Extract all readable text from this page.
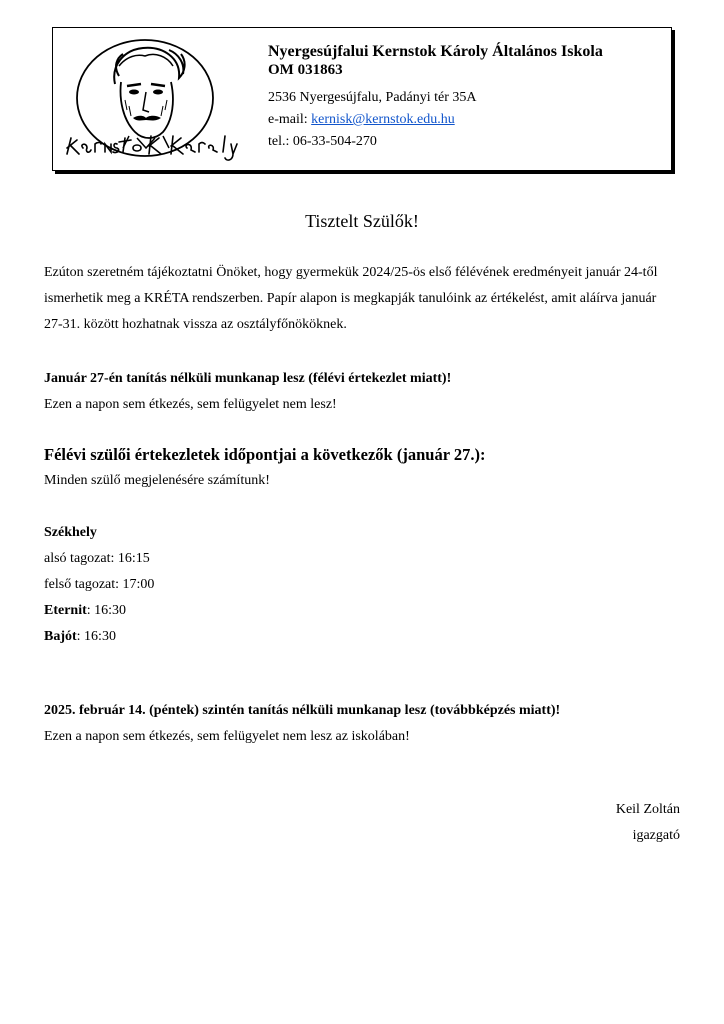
Nyergesújfalui Kernstok Károly Általános Iskola
OM 031863
2536 Nyergesújfalu, Padányi tér 35A
e-mail: kernisk@kernstok.edu.hu
tel.: 06-33-504-270
Tisztelt Szülők!
Ezúton szeretném tájékoztatni Önöket, hogy gyermekük 2024/25-ös első félévének eredményeit január 24-től
ismerhetik meg a KRÉTA rendszerben. Papír alapon is megkapják tanulóink az értékelést, amit aláírva január
27-31. között hozhatnak vissza az osztályfőnököknek.
Január 27-én tanítás nélküli munkanap lesz (félévi értekezlet miatt)!
Ezen a napon sem étkezés, sem felügyelet nem lesz!
Félévi szülői értekezletek időpontjai a következők (január 27.):
Minden szülő megjelenésére számítunk!
Székhely
alsó tagozat: 16:15
felső tagozat: 17:00
Eternit: 16:30
Bajót: 16:30
2025. február 14. (péntek) szintén tanítás nélküli munkanap lesz (továbbképzés miatt)!
Ezen a napon sem étkezés, sem felügyelet nem lesz az iskolában!
Keil Zoltán
igazgató
